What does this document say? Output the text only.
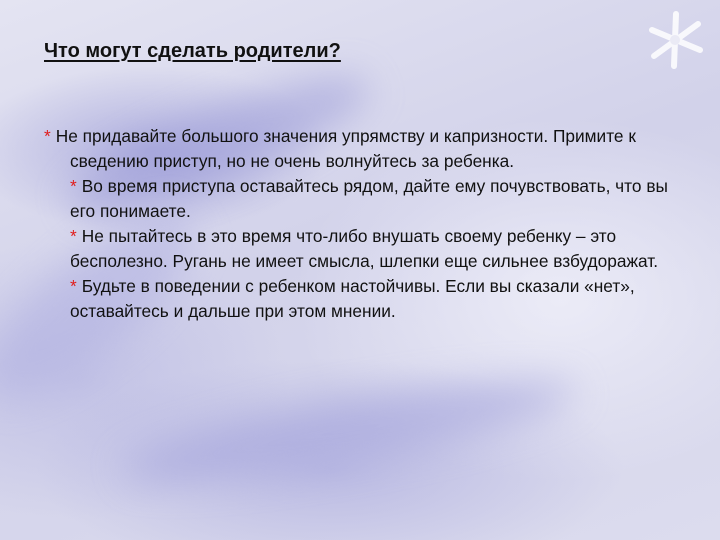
Что могут сделать родители?

* Не придавайте большого значения упрямству и капризности. Примите к сведению приступ, но не очень волнуйтесь за ребенка.

* Во время приступа оставайтесь рядом, дайте ему почувствовать, что вы его понимаете.

* Не пытайтесь в это время что-либо внушать своему ребенку – это бесполезно. Ругань не имеет смысла, шлепки еще сильнее взбудоражат.

* Будьте в поведении с ребенком настойчивы. Если вы сказали «нет», оставайтесь и дальше при этом мнении.
